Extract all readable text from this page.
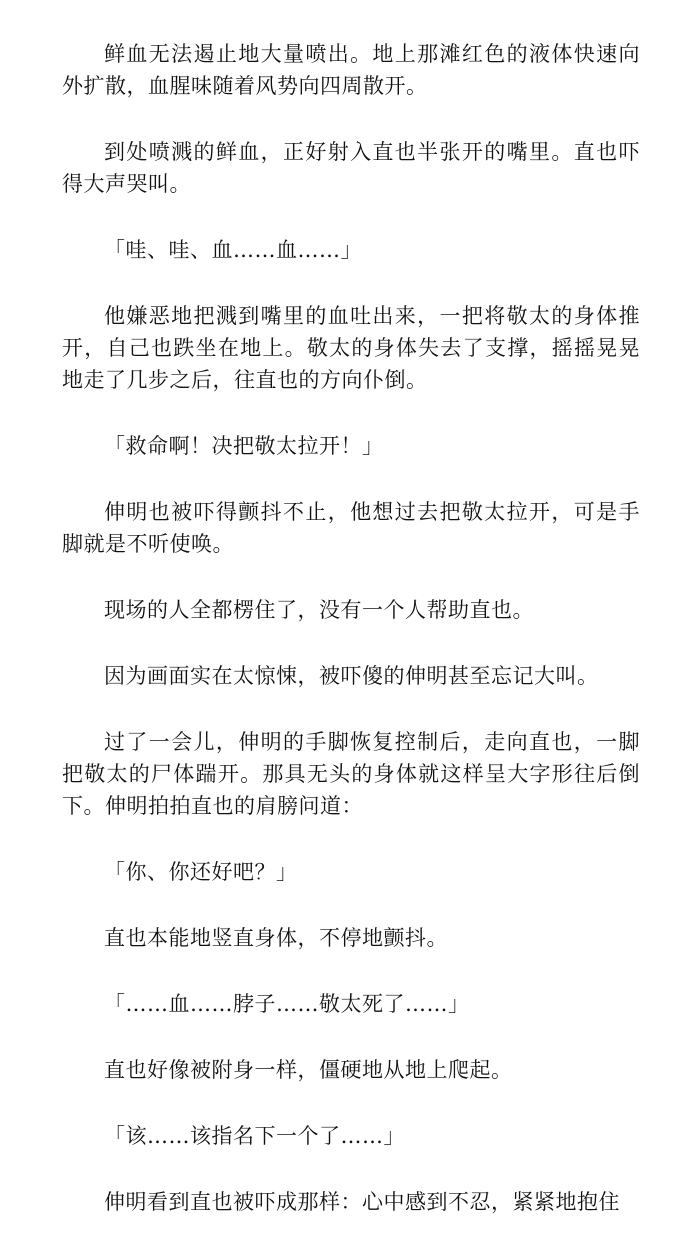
鲜血无法遏止地大量喷出。地上那滩红色的液体快速向外扩散，血腥味随着风势向四周散开。

到处喷溅的鲜血，正好射入直也半张开的嘴里。直也吓得大声哭叫。

「哇、哇、血……血……」

他嫌恶地把溅到嘴里的血吐出来，一把将敬太的身体推开，自己也跌坐在地上。敬太的身体失去了支撑，摇摇晃晃地走了几步之后，往直也的方向仆倒。

「救命啊！决把敬太拉开！」

伸明也被吓得颤抖不止，他想过去把敬太拉开，可是手脚就是不听使唤。

现场的人全都楞住了，没有一个人帮助直也。

因为画面实在太惊悚，被吓傻的伸明甚至忘记大叫。

过了一会儿，伸明的手脚恢复控制后，走向直也，一脚把敬太的尸体踹开。那具无头的身体就这样呈大字形往后倒下。伸明拍拍直也的肩膀问道：

「你、你还好吧？」

直也本能地竖直身体，不停地颤抖。

「……血……脖子……敬太死了……」

直也好像被附身一样，僵硬地从地上爬起。

「该……该指名下一个了……」

伸明看到直也被吓成那样：心中感到不忍，紧紧地抱住
